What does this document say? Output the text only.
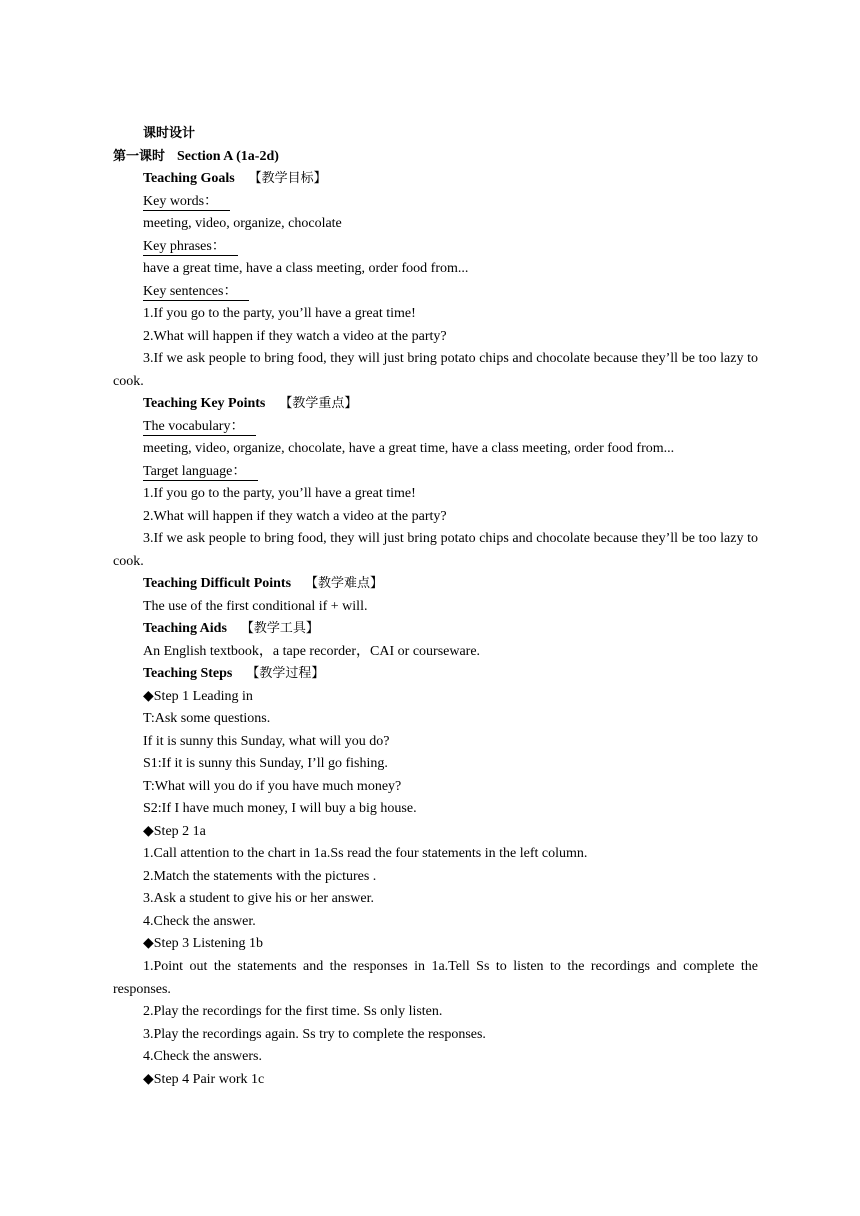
课时设计
第一课时 Section A (1a-2d)
Teaching Goals 【教学目标】
Key words：
meeting, video, organize, chocolate
Key phrases：
have a great time, have a class meeting, order food from...
Key sentences：
1.If you go to the party, you’ll have a great time!
2.What will happen if they watch a video at the party?
3.If we ask people to bring food, they will just bring potato chips and chocolate because they’ll be too lazy to cook.
Teaching Key Points 【教学重点】
The vocabulary：
meeting, video, organize, chocolate, have a great time, have a class meeting, order food from...
Target language：
1.If you go to the party, you’ll have a great time!
2.What will happen if they watch a video at the party?
3.If we ask people to bring food, they will just bring potato chips and chocolate because they’ll be too lazy to cook.
Teaching Difficult Points 【教学难点】
The use of the first conditional if + will.
Teaching Aids 【教学工具】
An English textbook，a tape recorder，CAI or courseware.
Teaching Steps 【教学过程】
◆Step 1 Leading in
T:Ask some questions.
If it is sunny this Sunday, what will you do?
S1:If it is sunny this Sunday, I’ll go fishing.
T:What will you do if you have much money?
S2:If I have much money, I will buy a big house.
◆Step 2 1a
1.Call attention to the chart in 1a.Ss read the four statements in the left column.
2.Match the statements with the pictures .
3.Ask a student to give his or her answer.
4.Check the answer.
◆Step 3 Listening 1b
1.Point out the statements and the responses in 1a.Tell Ss to listen to the recordings and complete the responses.
2.Play the recordings for the first time. Ss only listen.
3.Play the recordings again. Ss try to complete the responses.
4.Check the answers.
◆Step 4 Pair work 1c
